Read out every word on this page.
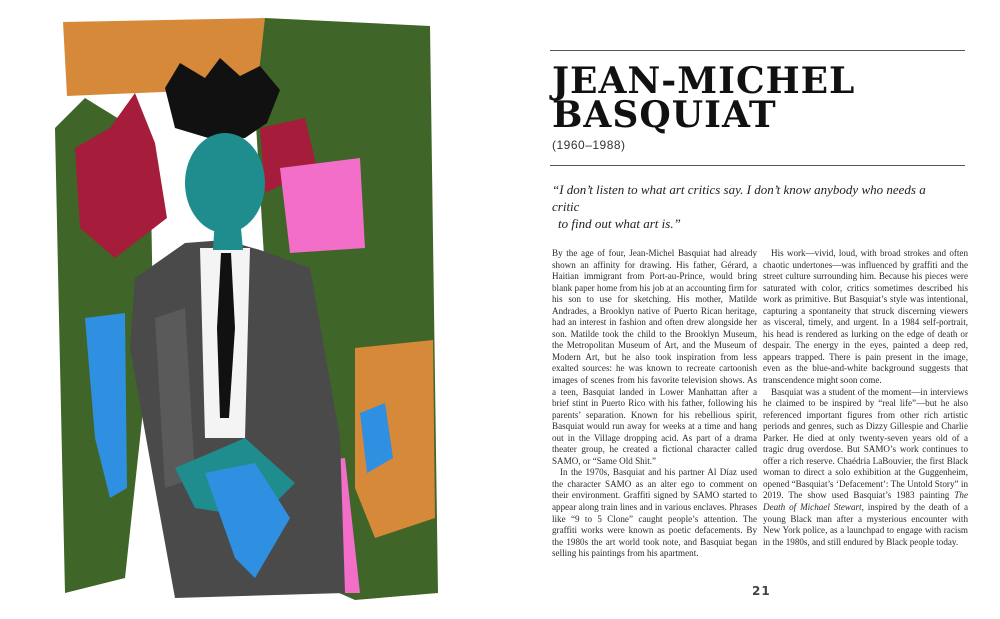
JEAN-MICHEL
BASQUIAT
(1960–1988)

“I don’t listen to what art critics say. I don’t know anybody who needs a critic
to find out what art is.”

By the age of four, Jean-Michel Basquiat had already shown an affinity for drawing. His father, Gérard, a Haitian immigrant from Port-au-Prince, would bring blank paper home from his job at an accounting firm for his son to use for sketching. His mother, Matilde Andrades, a Brooklyn native of Puerto Rican heritage, had an interest in fashion and often drew alongside her son. Matilde took the child to the Brooklyn Museum, the Metropolitan Museum of Art, and the Museum of Modern Art, but he also took inspiration from less exalted sources: he was known to recreate cartoonish images of scenes from his favorite television shows. As a teen, Basquiat landed in Lower Manhattan after a brief stint in Puerto Rico with his father, following his parents’ separation. Known for his rebellious spirit, Basquiat would run away for weeks at a time and hang out in the Village dropping acid. As part of a drama theater group, he created a fictional character called SAMO, or “Same Old Shit.”

In the 1970s, Basquiat and his partner Al Díaz used the character SAMO as an alter ego to comment on their environment. Graffiti signed by SAMO started to appear along train lines and in various enclaves. Phrases like “9 to 5 Clone” caught people’s attention. The graffiti works were known as poetic defacements. By the 1980s the art world took note, and Basquiat began selling his paintings from his apartment.

His work—vivid, loud, with broad strokes and often chaotic undertones—was influenced by graffiti and the street culture surrounding him. Because his pieces were saturated with color, critics sometimes described his work as primitive. But Basquiat’s style was intentional, capturing a spontaneity that struck discerning viewers as visceral, timely, and urgent. In a 1984 self-portrait, his head is rendered as lurking on the edge of death or despair. The energy in the eyes, painted a deep red, appears trapped. There is pain present in the image, even as the blue-and-white background suggests that transcendence might soon come.

Basquiat was a student of the moment—in interviews he claimed to be inspired by “real life”—but he also referenced important figures from other rich artistic periods and genres, such as Dizzy Gillespie and Charlie Parker. He died at only twenty-seven years old of a tragic drug overdose. But SAMO’s work continues to offer a rich reserve. Chaédria LaBouvier, the first Black woman to direct a solo exhibition at the Guggenheim, opened “Basquiat’s ‘Defacement’: The Untold Story” in 2019. The show used Basquiat’s 1983 painting The Death of Michael Stewart, inspired by the death of a young Black man after a mysterious encounter with New York police, as a launchpad to engage with racism in the 1980s, and still endured by Black people today.

21
